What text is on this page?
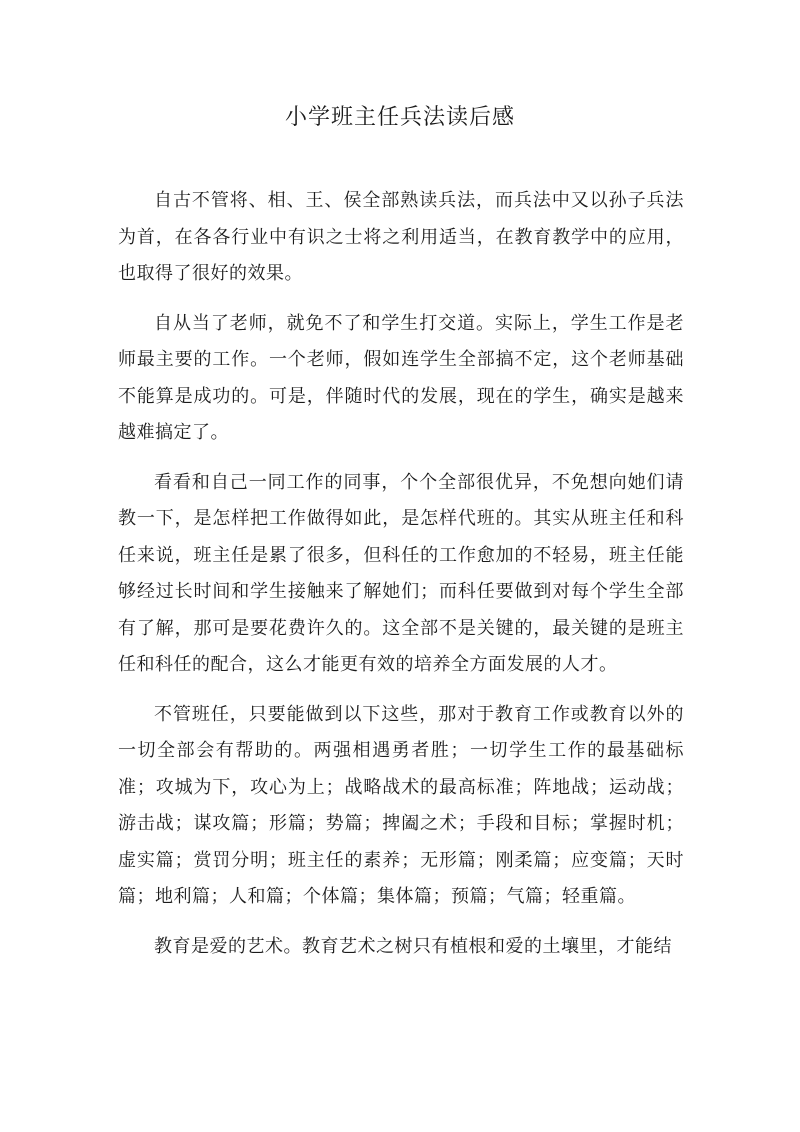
小学班主任兵法读后感

自古不管将、相、王、侯全部熟读兵法，而兵法中又以孙子兵法为首，在各各行业中有识之士将之利用适当，在教育教学中的应用，也取得了很好的效果。

自从当了老师，就免不了和学生打交道。实际上，学生工作是老师最主要的工作。一个老师，假如连学生全部搞不定，这个老师基础不能算是成功的。可是，伴随时代的发展，现在的学生，确实是越来越难搞定了。

看看和自己一同工作的同事，个个全部很优异，不免想向她们请教一下，是怎样把工作做得如此，是怎样代班的。其实从班主任和科任来说，班主任是累了很多，但科任的工作愈加的不轻易，班主任能够经过长时间和学生接触来了解她们；而科任要做到对每个学生全部有了解，那可是要花费许久的。这全部不是关键的，最关键的是班主任和科任的配合，这么才能更有效的培养全方面发展的人才。

不管班任，只要能做到以下这些，那对于教育工作或教育以外的一切全部会有帮助的。两强相遇勇者胜；一切学生工作的最基础标准；攻城为下，攻心为上；战略战术的最高标准；阵地战；运动战；游击战；谋攻篇；形篇；势篇；捭阖之术；手段和目标；掌握时机；虚实篇；赏罚分明；班主任的素养；无形篇；刚柔篇；应变篇；天时篇；地利篇；人和篇；个体篇；集体篇；预篇；气篇；轻重篇。

教育是爱的艺术。教育艺术之树只有植根和爱的土壤里，才能结
